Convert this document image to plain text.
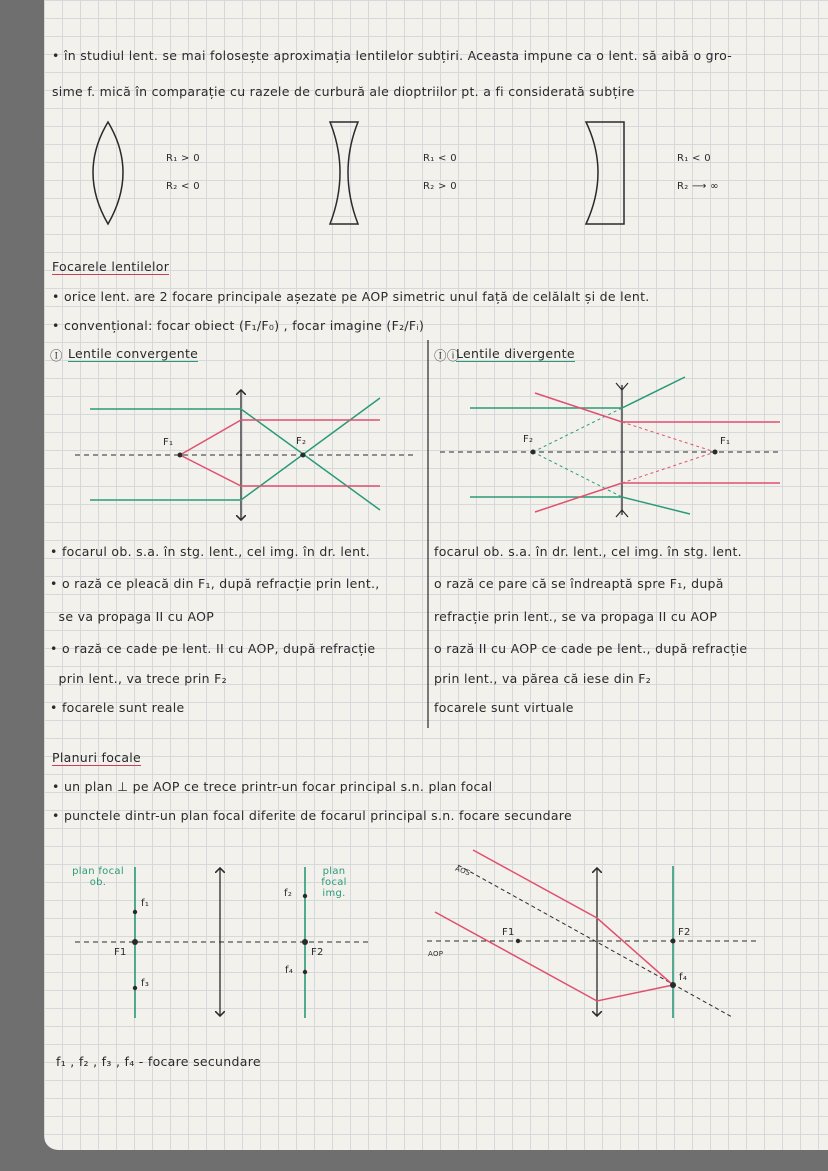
• în studiul lent. se mai folosește aproximația lentilelor subțiri. Aceasta impune ca o lent. să aibă o gro-
sime f. mică în comparație cu razele de curbură ale dioptriilor pt. a fi considerată subțire
R₁ > 0
R₂ < 0
R₁ < 0
R₂ > 0
R₁ < 0
R₂ ⟶ ∞
Focarele lentilelor
• orice lent. are 2 focare principale așezate pe AOP simetric unul față de celălalt și de lent.
• convențional: focar obiect (F₁/F₀) , focar imagine (F₂/Fᵢ)
Ⓘ Lentile convergente	Ⓘⓘ
Lentile divergente
F₁	F₂	F₂	F₁
• focarul ob. s.a. în stg. lent., cel img. în dr. lent.
• o rază ce pleacă din F₁, după refracție prin lent.,
se va propaga II cu AOP
• o rază ce cade pe lent. II cu AOP, după refracție
prin lent., va trece prin F₂
• focarele sunt reale
focarul ob. s.a. în dr. lent., cel img. în stg. lent.
o rază ce pare că se îndreaptă spre F₁, după
refracție prin lent., se va propaga II cu AOP
o rază II cu AOP ce cade pe lent., după refracție
prin lent., va părea că iese din F₂
focarele sunt virtuale
Planuri focale
• un plan ⊥ pe AOP ce trece printr-un focar principal s.n. plan focal
• punctele dintr-un plan focal diferite de focarul principal s.n. focare secundare
plan focal ob.
plan focal img.
f₁
F1
f₃
f₂
F2
f₄
AOS
AOP
F1	F2
f₄
f₁ , f₂ , f₃ , f₄ - focare secundare
